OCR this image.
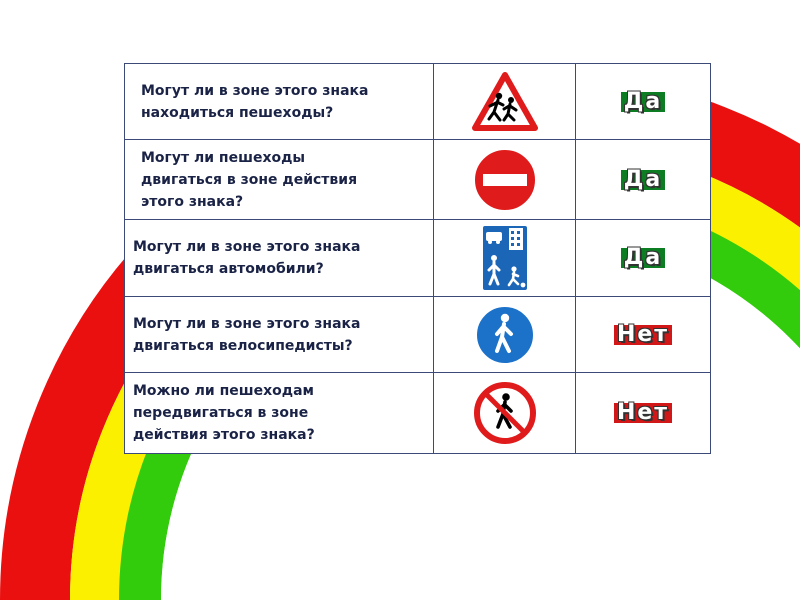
Могут ли в зоне этого знака
находиться пешеходы?		Да

Могут ли пешеходы
двигаться в зоне действия
этого знака?		Да

Могут ли в зоне этого знака
двигаться автомобили?		Да

Могут ли в зоне этого знака
двигаться велосипедисты?		Нет

Можно ли пешеходам
передвигаться в зоне
действия этого знака?		Нет
